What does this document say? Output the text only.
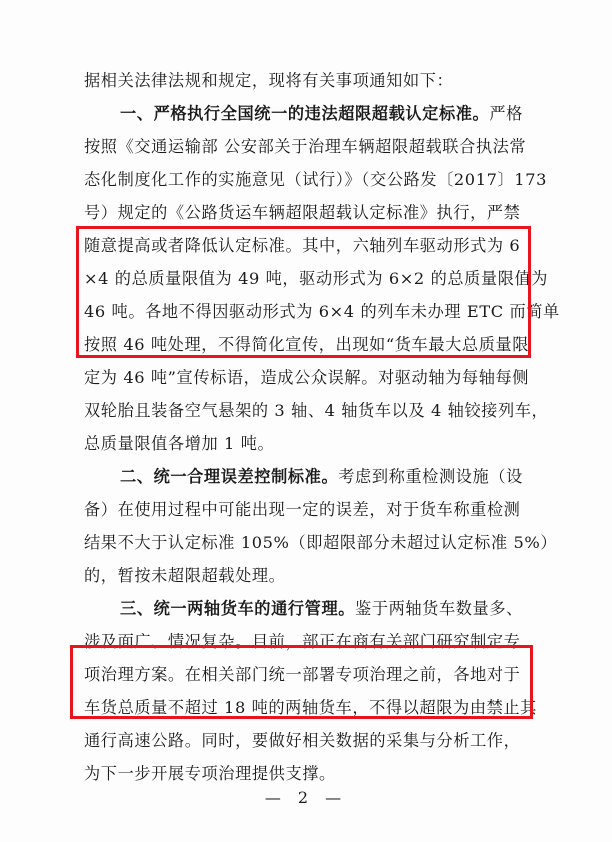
据相关法律法规和规定，现将有关事项通知如下：
一、严格执行全国统一的违法超限超载认定标准。严格
按照《交通运输部 公安部关于治理车辆超限超载联合执法常
态化制度化工作的实施意见（试行）》（交公路发〔2017〕173
号）规定的《公路货运车辆超限超载认定标准》执行，严禁
随意提高或者降低认定标准。其中，六轴列车驱动形式为 6
×4 的总质量限值为 49 吨，驱动形式为 6×2 的总质量限值为
46 吨。各地不得因驱动形式为 6×4 的列车未办理 ETC 而简单
按照 46 吨处理，不得简化宣传，出现如“货车最大总质量限
定为 46 吨”宣传标语，造成公众误解。对驱动轴为每轴每侧
双轮胎且装备空气悬架的 3 轴、4 轴货车以及 4 轴铰接列车，
总质量限值各增加 1 吨。
二、统一合理误差控制标准。考虑到称重检测设施（设
备）在使用过程中可能出现一定的误差，对于货车称重检测
结果不大于认定标准 105%（即超限部分未超过认定标准 5%）
的，暂按未超限超载处理。
三、统一两轴货车的通行管理。鉴于两轴货车数量多、
涉及面广、情况复杂。目前，部正在商有关部门研究制定专
项治理方案。在相关部门统一部署专项治理之前，各地对于
车货总质量不超过 18 吨的两轴货车，不得以超限为由禁止其
通行高速公路。同时，要做好相关数据的采集与分析工作，
为下一步开展专项治理提供支撑。
— 2 —
